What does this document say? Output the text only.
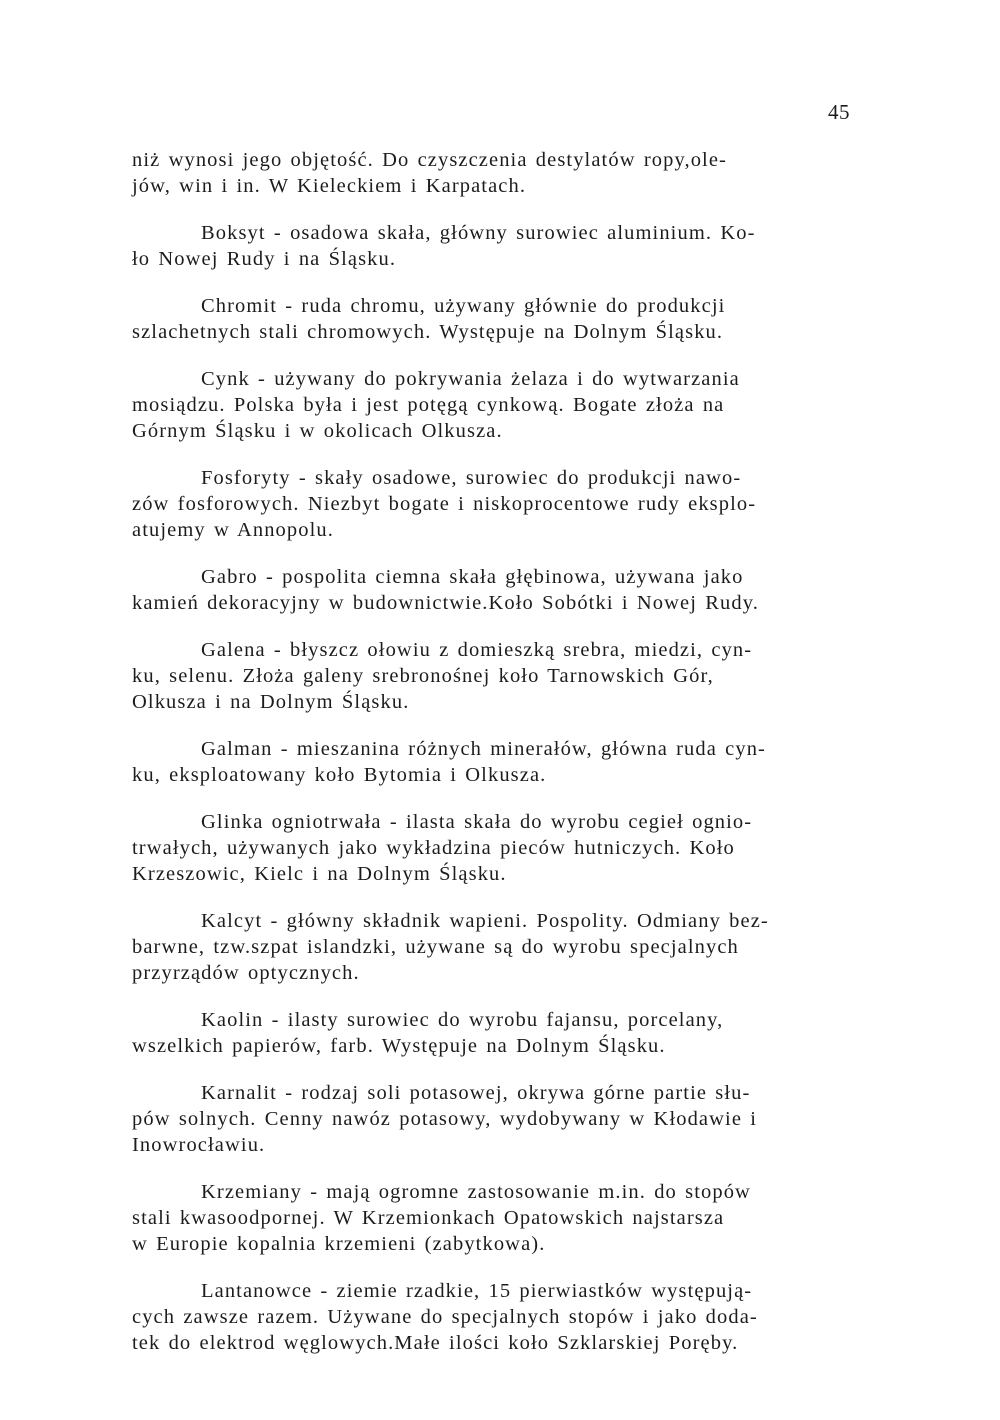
45

niż wynosi jego objętość. Do czyszczenia destylatów ropy,ole-
jów, win i in. W Kieleckiem i Karpatach.

Boksyt - osadowa skała, główny surowiec aluminium. Ko-
ło Nowej Rudy i na Śląsku.

Chromit - ruda chromu, używany głównie do produkcji
szlachetnych stali chromowych. Występuje na Dolnym Śląsku.

Cynk - używany do pokrywania żelaza i do wytwarzania
mosiądzu. Polska była i jest potęgą cynkową. Bogate złoża na
Górnym Śląsku i w okolicach Olkusza.

Fosforyty - skały osadowe, surowiec do produkcji nawo-
zów fosforowych. Niezbyt bogate i niskoprocentowe rudy eksplo-
atujemy w Annopolu.

Gabro - pospolita ciemna skała głębinowa, używana jako
kamień dekoracyjny w budownictwie.Koło Sobótki i Nowej Rudy.

Galena - błyszcz ołowiu z domieszką srebra, miedzi, cyn-
ku, selenu. Złoża galeny srebronośnej koło Tarnowskich Gór,
Olkusza i na Dolnym Śląsku.

Galman - mieszanina różnych minerałów, główna ruda cyn-
ku, eksploatowany koło Bytomia i Olkusza.

Glinka ogniotrwała - ilasta skała do wyrobu cegieł ognio-
trwałych, używanych jako wykładzina pieców hutniczych. Koło
Krzeszowic, Kielc i na Dolnym Śląsku.

Kalcyt - główny składnik wapieni. Pospolity. Odmiany bez-
barwne, tzw.szpat islandzki, używane są do wyrobu specjalnych
przyrządów optycznych.

Kaolin - ilasty surowiec do wyrobu fajansu, porcelany,
wszelkich papierów, farb. Występuje na Dolnym Śląsku.

Karnalit - rodzaj soli potasowej, okrywa górne partie słu-
pów solnych. Cenny nawóz potasowy, wydobywany w Kłodawie i
Inowrocławiu.

Krzemiany - mają ogromne zastosowanie m.in. do stopów
stali kwasoodpornej. W Krzemionkach Opatowskich najstarsza
w Europie kopalnia krzemieni (zabytkowa).

Lantanowce - ziemie rzadkie, 15 pierwiastków występują-
cych zawsze razem. Używane do specjalnych stopów i jako doda-
tek do elektrod węglowych.Małe ilości koło Szklarskiej Poręby.
